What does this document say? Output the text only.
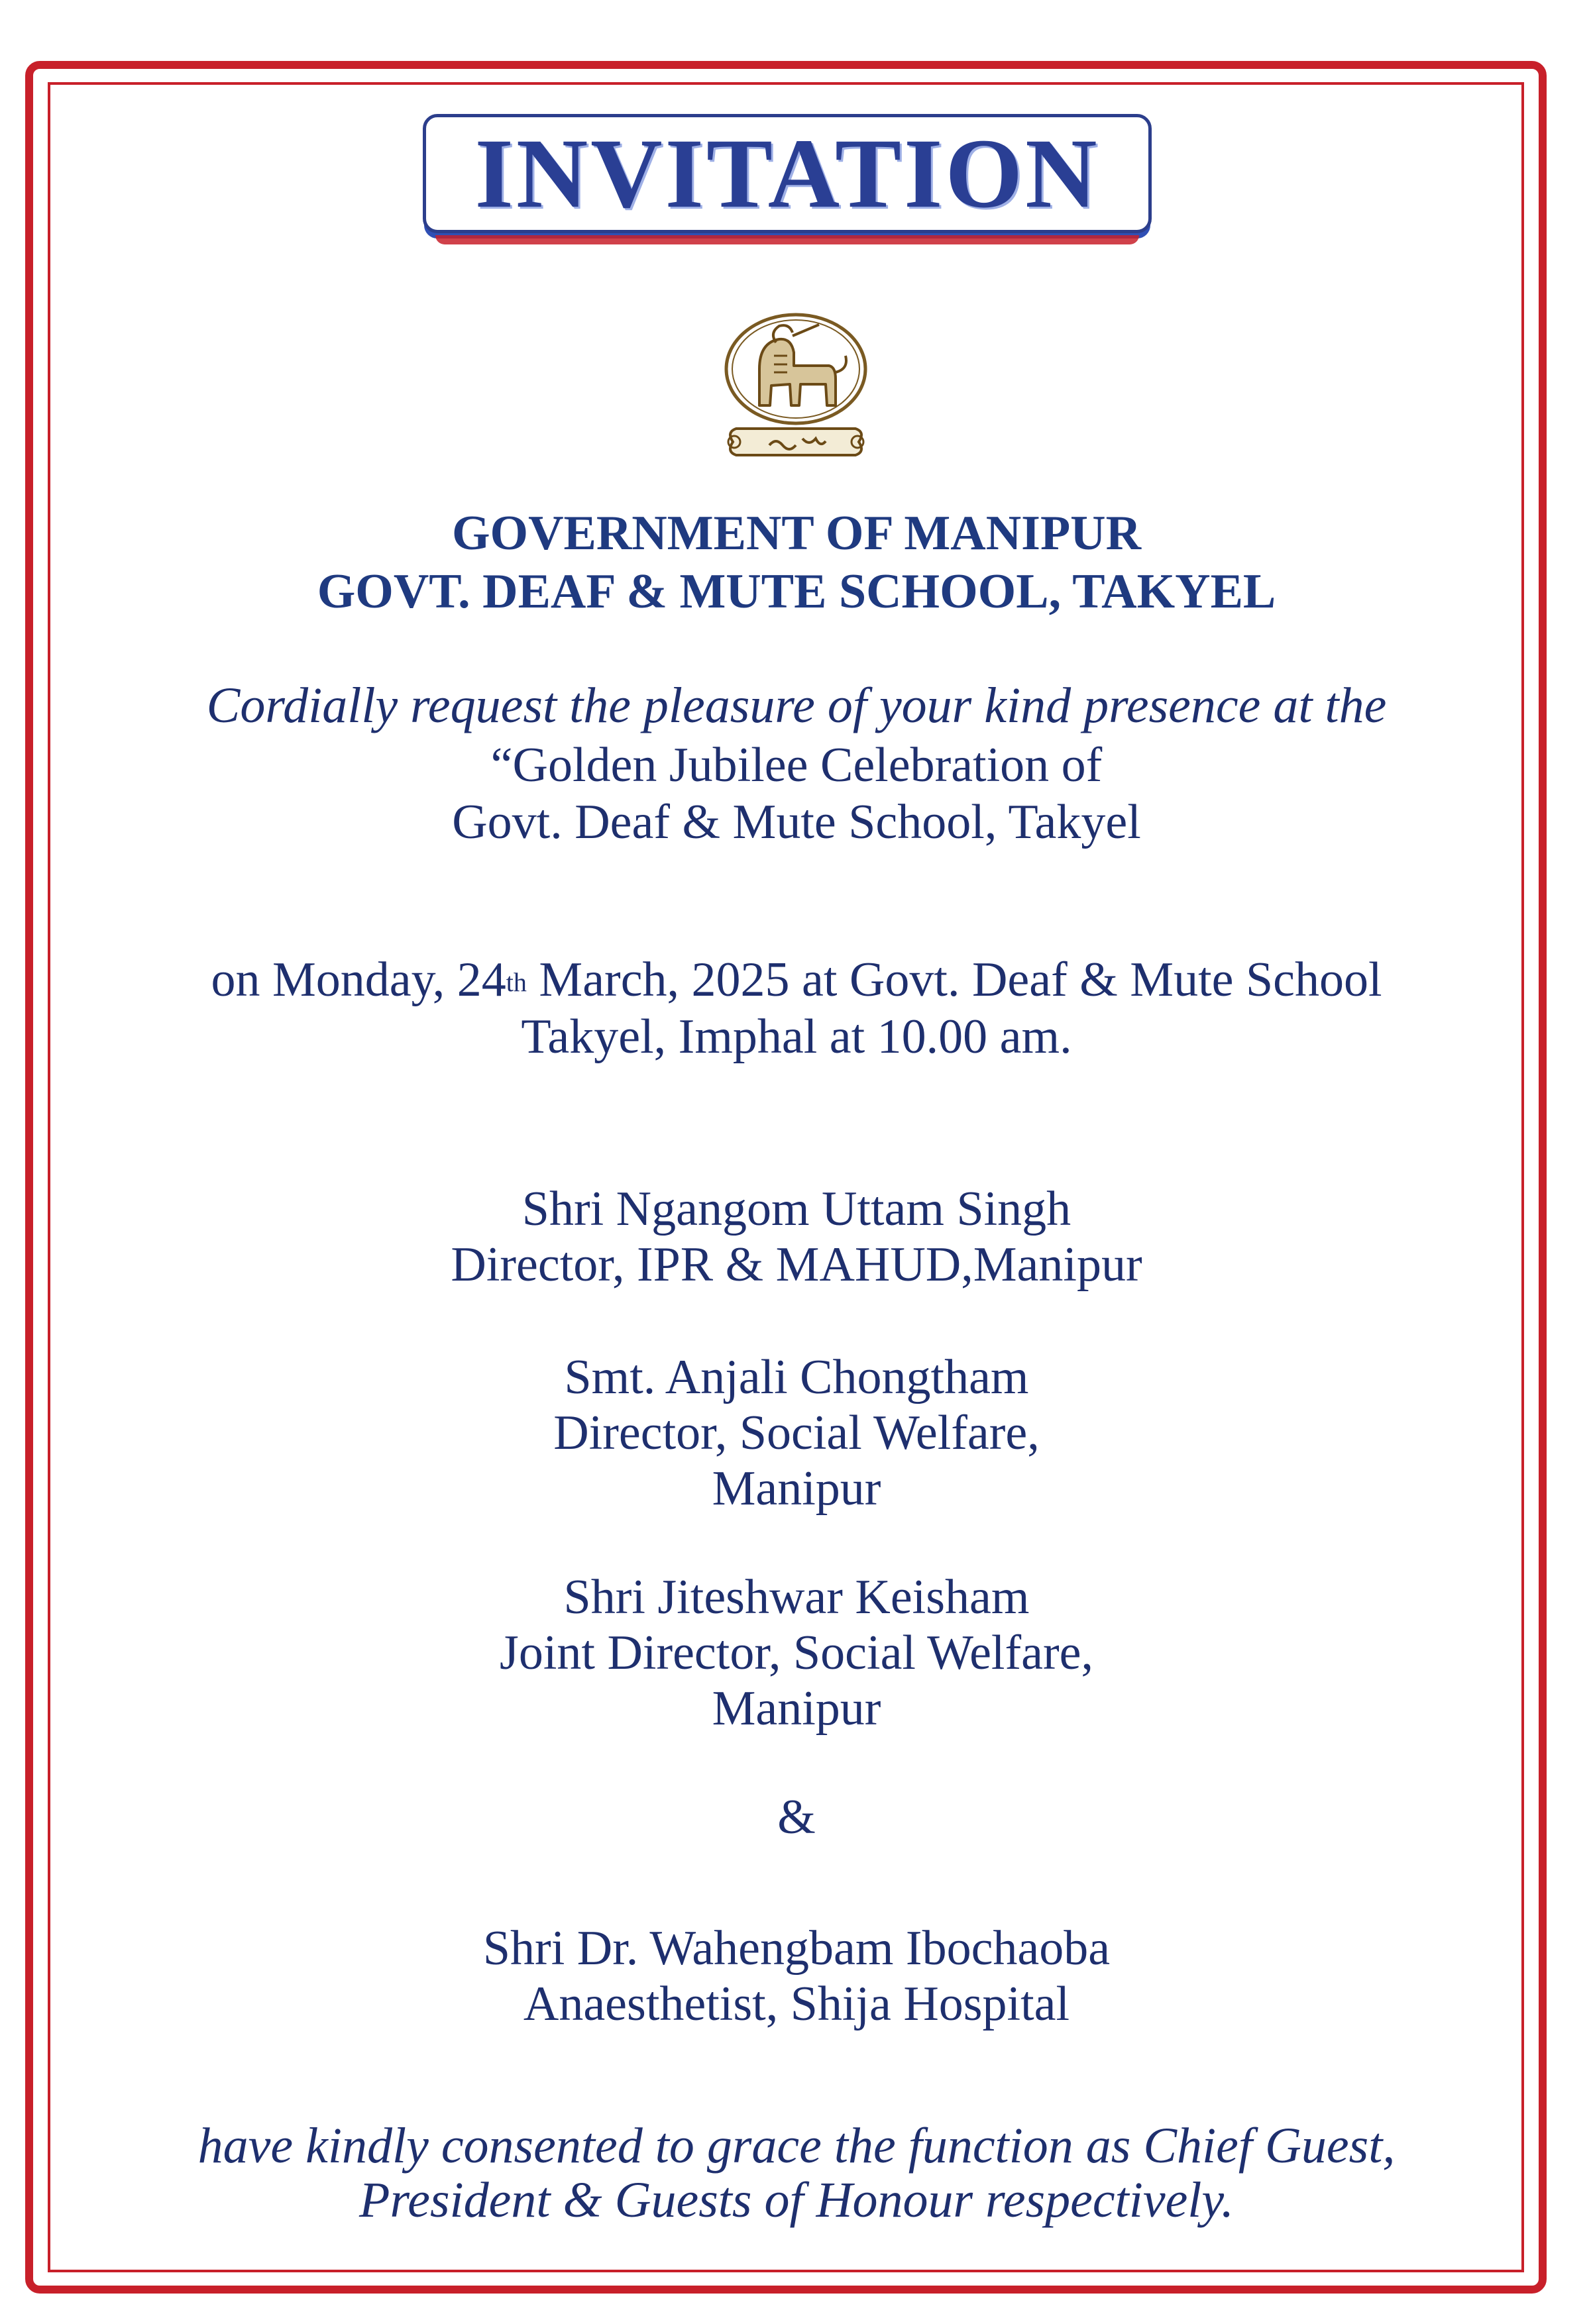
INVITATION
GOVERNMENT OF MANIPUR
GOVT. DEAF & MUTE SCHOOL, TAKYEL
Cordially request the pleasure of your kind presence at the
“Golden Jubilee Celebration of
Govt. Deaf & Mute School, Takyel
on Monday, 24th March, 2025 at Govt. Deaf & Mute School
Takyel, Imphal at 10.00 am.
Shri Ngangom Uttam Singh
Director, IPR & MAHUD,Manipur
Smt. Anjali Chongtham
Director, Social Welfare,
Manipur
Shri Jiteshwar Keisham
Joint Director, Social Welfare,
Manipur
&
Shri Dr. Wahengbam Ibochaoba
Anaesthetist, Shija Hospital
have kindly consented to grace the function as Chief Guest,
President & Guests of Honour respectively.
